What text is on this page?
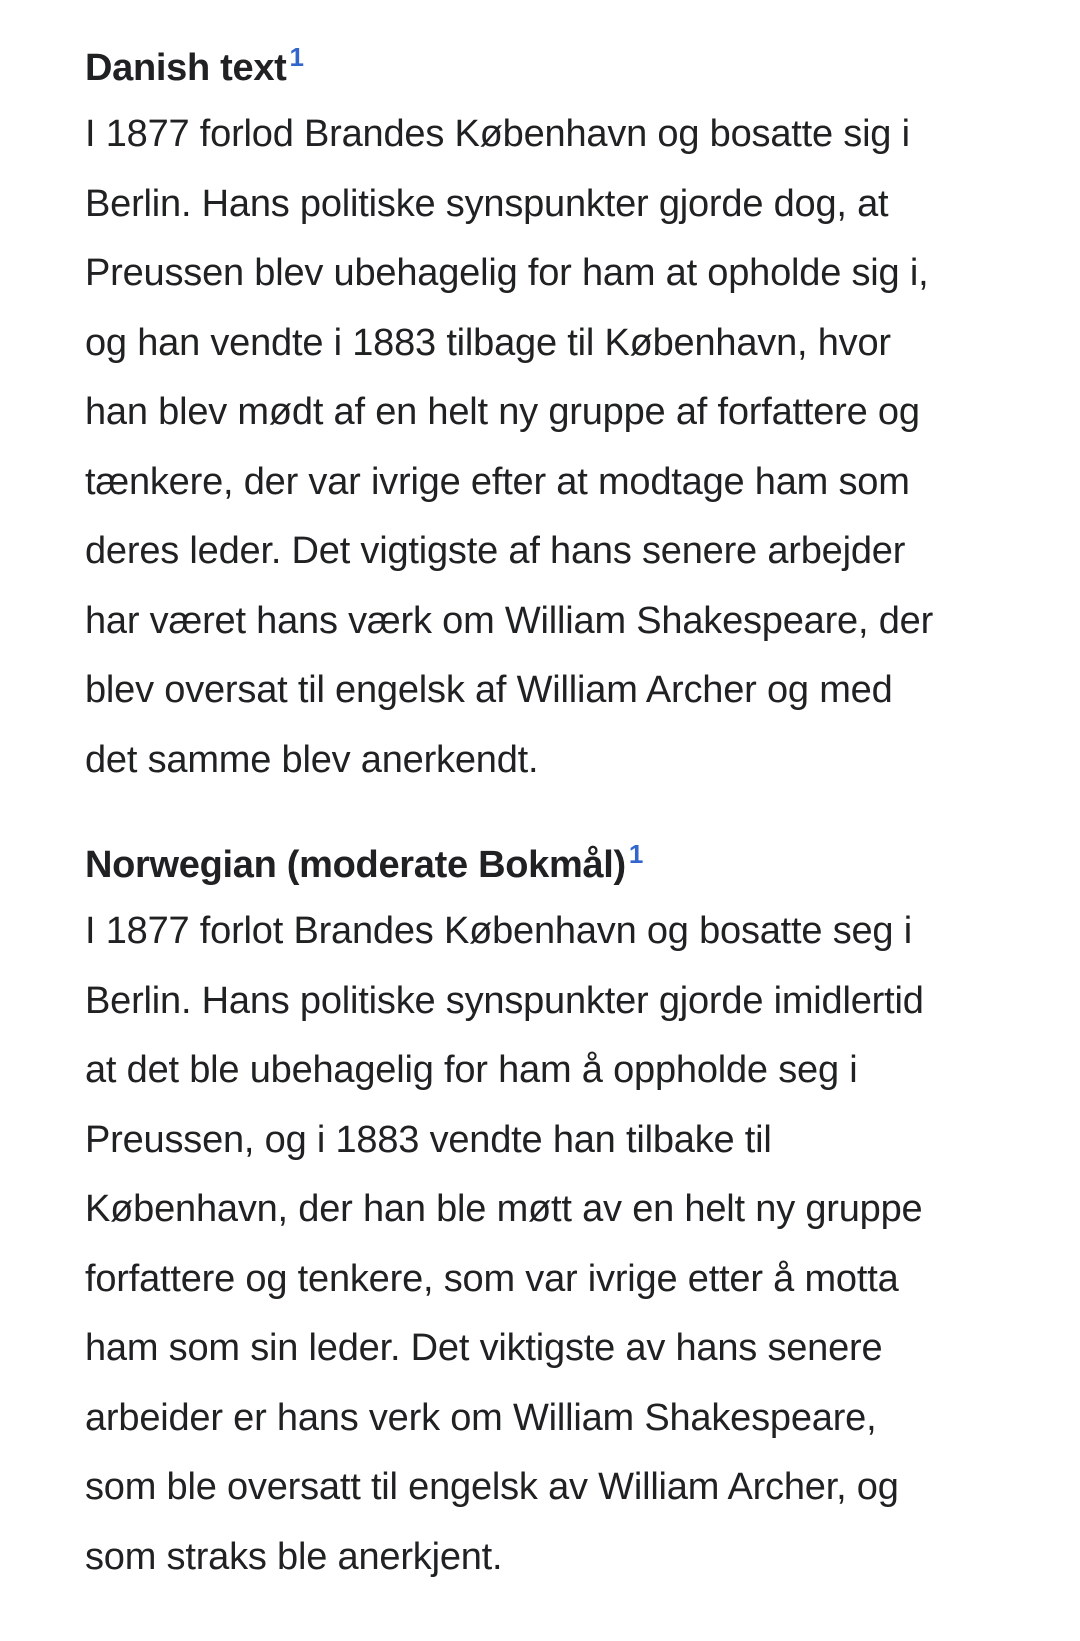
Danish text $^1$

I 1877 forlod Brandes København og bosatte sig i
Berlin. Hans politiske synspunkter gjorde dog, at
Preussen blev ubehagelig for ham at opholde sig i,
og han vendte i 1883 tilbage til København, hvor
han blev mødt af en helt ny gruppe af forfattere og
tænkere, der var ivrige efter at modtage ham som
deres leder. Det vigtigste af hans senere arbejder
har været hans værk om William Shakespeare, der
blev oversat til engelsk af William Archer og med
det samme blev anerkendt.

Norwegian (moderate Bokmål) $^1$

I 1877 forlot Brandes København og bosatte seg i
Berlin. Hans politiske synspunkter gjorde imidlertid
at det ble ubehagelig for ham å oppholde seg i
Preussen, og i 1883 vendte han tilbake til
København, der han ble møtt av en helt ny gruppe
forfattere og tenkere, som var ivrige etter å motta
ham som sin leder. Det viktigste av hans senere
arbeider er hans verk om William Shakespeare,
som ble oversatt til engelsk av William Archer, og
som straks ble anerkjent.
